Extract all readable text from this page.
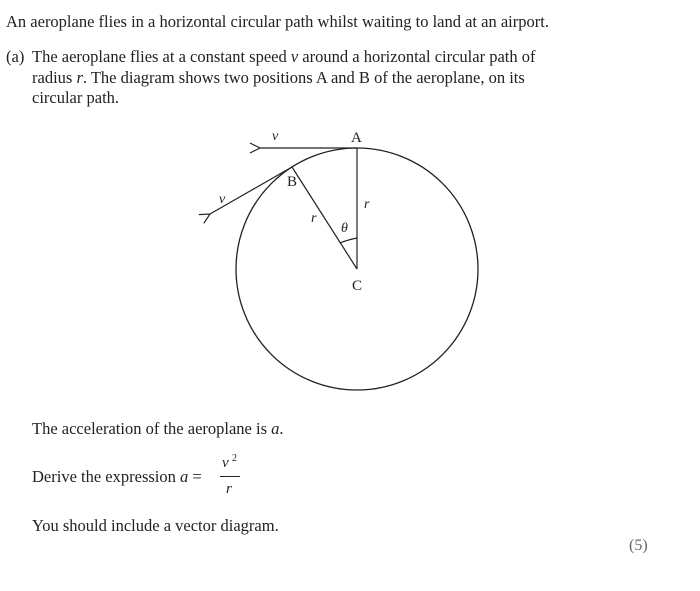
An aeroplane flies in a horizontal circular path whilst waiting to land at an airport.
(a) The aeroplane flies at a constant speed v around a horizontal circular path of
radius r. The diagram shows two positions A and B of the aeroplane, on its
circular path.
A
B
C
v
v	r
r
θ
The acceleration of the aeroplane is a.
Derive the expression a =
v 2
r
You should include a vector diagram.
(5)
